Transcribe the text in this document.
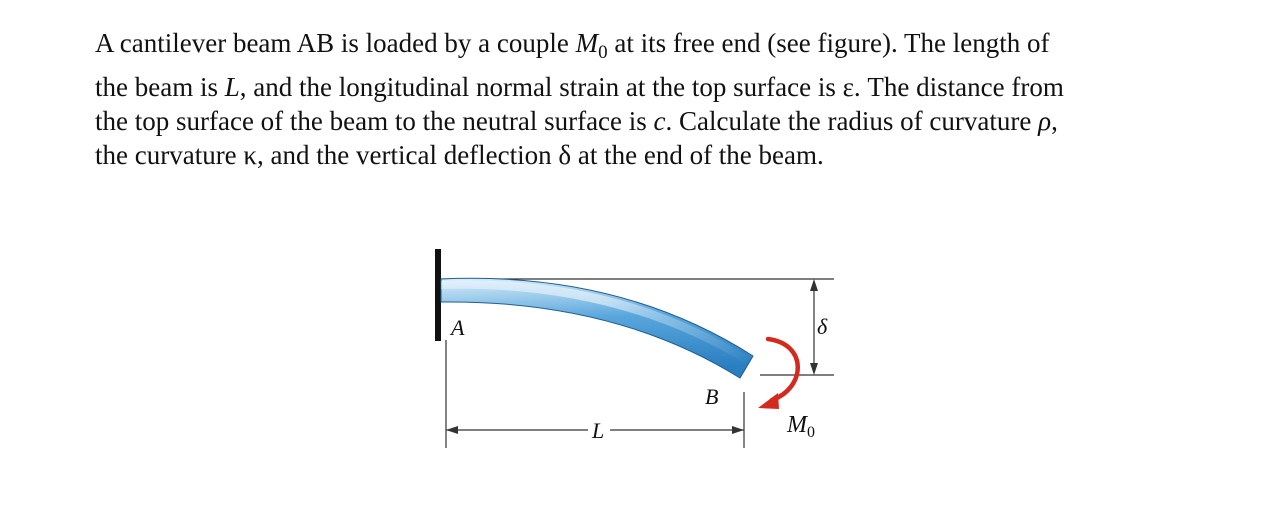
A cantilever beam AB is loaded by a couple $M_0$ at its free end (see figure). The length of
the beam is L, and the longitudinal normal strain at the top surface is ε. The distance from
the top surface of the beam to the neutral surface is c. Calculate the radius of curvature ρ,
the curvature κ, and the vertical deflection δ at the end of the beam.
A
B
L
δ
$M_0$
